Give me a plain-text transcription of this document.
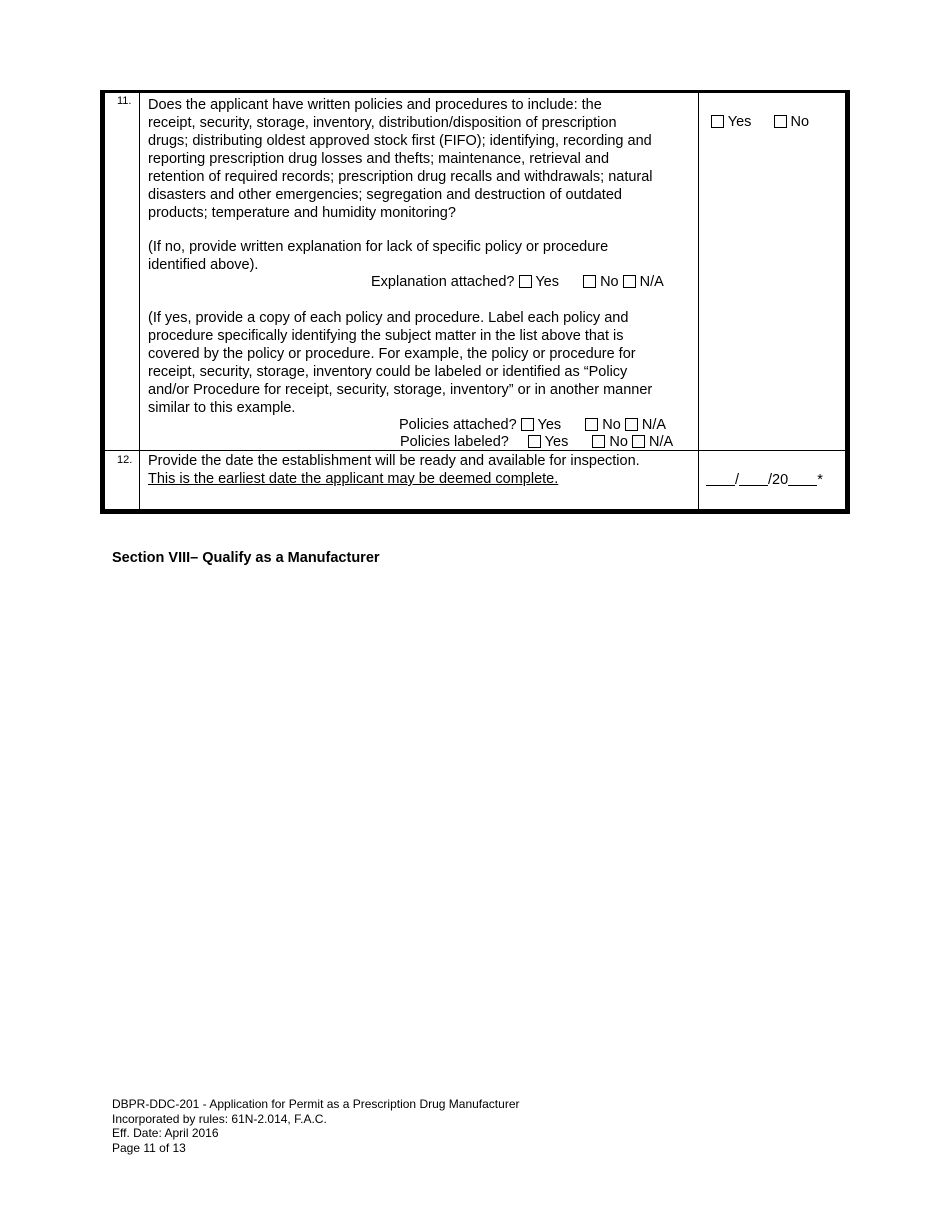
11. Does the applicant have written policies and procedures to include: the

receipt, security, storage, inventory, distribution/disposition of prescription

drugs; distributing oldest approved stock first (FIFO); identifying, recording and

reporting prescription drug losses and thefts; maintenance, retrieval and

retention of required records; prescription drug recalls and withdrawals; natural

disasters and other emergencies; segregation and destruction of outdated

products; temperature and humidity monitoring?

Yes	No

(If no, provide written explanation for lack of specific policy or procedure

identified above).

Explanation attached? Yes	No N/A

(If yes, provide a copy of each policy and procedure. Label each policy and

procedure specifically identifying the subject matter in the list above that is

covered by the policy or procedure. For example, the policy or procedure for

receipt, security, storage, inventory could be labeled or identified as “Policy

and/or Procedure for receipt, security, storage, inventory” or in another manner

similar to this example.

Policies attached? Yes	No N/A
Policies labeled? Yes	No N/A
12. Provide the date the establishment will be ready and available for inspection.

This is the earliest date the applicant may be deemed complete.	/ /20 *
Section VIII– Qualify as a Manufacturer
DBPR-DDC-201 - Application for Permit as a Prescription Drug Manufacturer
Incorporated by rules: 61N-2.014, F.A.C.
Eff. Date: April 2016
Page 11 of 13
